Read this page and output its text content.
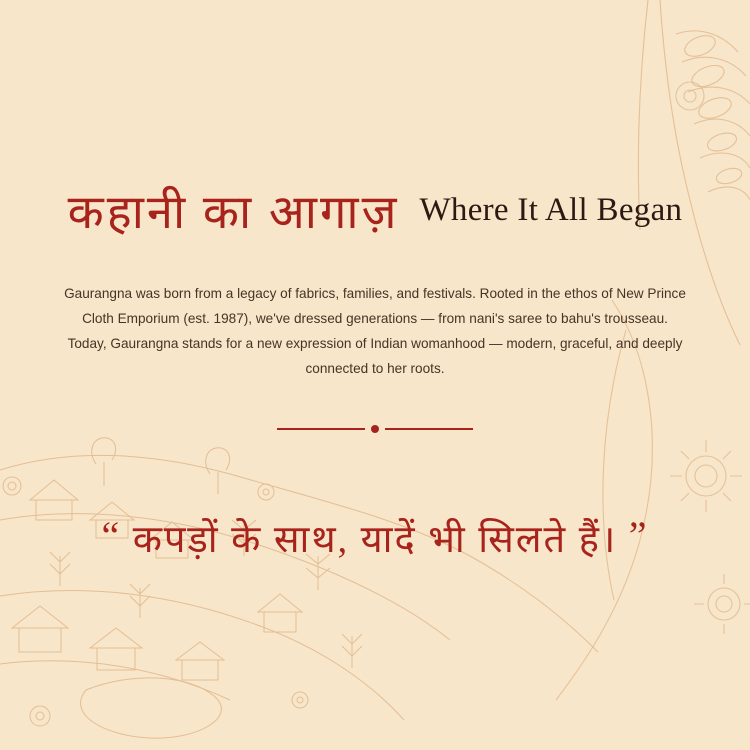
कहानी का आगाज़ Where It All Began

Gaurangna was born from a legacy of fabrics, families, and festivals. Rooted in the ethos of New Prince

Cloth Emporium (est. 1987), we've dressed generations — from nani's saree to bahu's trousseau.

Today, Gaurangna stands for a new expression of Indian womanhood — modern, graceful, and deeply

connected to her roots.

“ कपड़ों के साथ, यादें भी सिलते हैं। ”
